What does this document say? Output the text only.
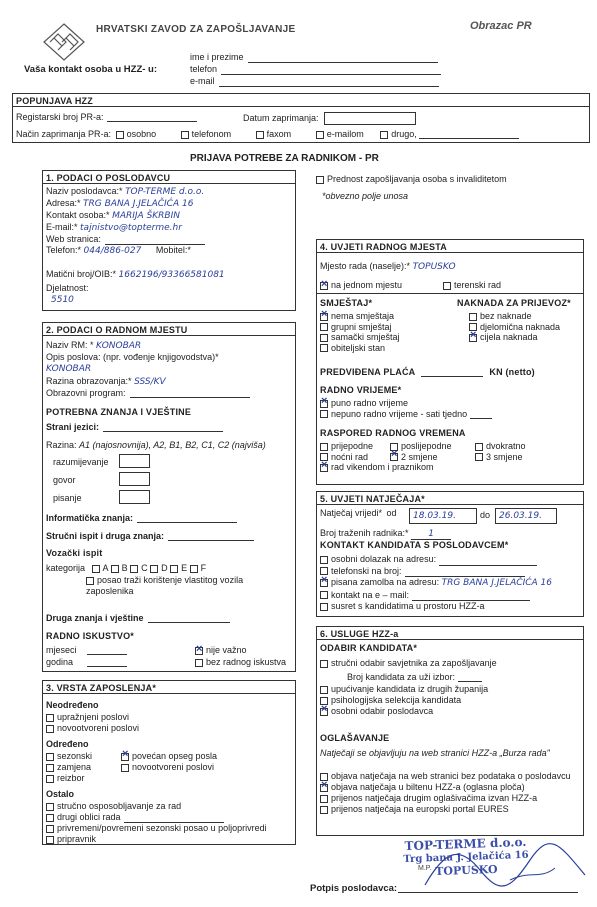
HRVATSKI ZAVOD ZA ZAPOŠLJAVANJE	Obrazac PR
Vaša kontakt osoba u HZZ- u:
ime i prezime
telefon
e-mail
POPUNJAVA HZZ
Registarski broj PR-a:	Datum zaprimanja:
Način zaprimanja PR-a: osobno	telefonom	faxom	e-mailom	drugo,
PRIJAVA POTREBE ZA RADNIKOM - PR
1. PODACI O POSLODAVCU
Naziv poslodavca:* TOP-TERME d.o.o.
Adresa:* TRG BANA J.JELAČIĆA 16
Kontakt osoba:* MARIJA ŠKRBIN
E-mail:* tajnistvo@topterme.hr
Web stranica:
Telefon:* 044/886-027 Mobitel:*
Matični broj/OIB:* 1662196/93366581081
Djelatnost:
5510
Prednost zapošljavanja osoba s invaliditetom
*obvezno polje unosa
4. UVJETI RADNOG MJESTA
Mjesto rada (naselje):* TOPUSKO
×na jednom mjestu	terenski rad
SMJEŠTAJ*	NAKNADA ZA PRIJEVOZ*
×nema smještaja
grupni smještaj
samački smještaj
obiteljski stan
bez naknade
djelomična naknada
×cijela naknada
PREDVIĐENA PLAĆA	KN (netto)
RADNO VRIJEME*
×puno radno vrijeme
nepuno radno vrijeme - sati tjedno
RASPORED RADNOG VREMENA
prijepodne	poslijepodne	dvokratno
noćni rad×	2 smjene	3 smjene
×rad vikendom i praznikom
2. PODACI O RADNOM MJESTU
Naziv RM: * KONOBAR
Opis poslova: (npr. vođenje knjigovodstva)*
KONOBAR
Razina obrazovanja:* SSS/KV
Obrazovni program:
POTREBNA ZNANJA I VJEŠTINE
Strani jezici:
Razina: A1 (najosnovnija), A2, B1, B2, C1, C2 (najviša)
razumijevanje
govor
pisanje
Informatička znanja:
Stručni ispit i druga znanja:
Vozački ispit
kategorija A B C D E F
posao traži korištenje vlastitog vozila zaposlenika
Druga znanja i vještine
RADNO ISKUSTVO*
mjeseci
godina
×nije važno
bez radnog iskustva
5. UVJETI NATJEČAJA*
Natječaj vrijedi* od	18.03.19.	do 26.03.19.
Broj traženih radnika:* 1
KONTAKT KANDIDATA S POSLODAVCEM*
osobni dolazak na adresu:
telefonski na broj:
×pisana zamolba na adresu: TRG BANA J.JELAČIĆA 16
kontakt na e – mail:
susret s kandidatima u prostoru HZZ-a
6. USLUGE HZZ-a
ODABIR KANDIDATA*
stručni odabir savjetnika za zapošljavanje
Broj kandidata za uži izbor:
upućivanje kandidata iz drugih županija
psihologijska selekcija kandidata
×osobni odabir poslodavca
OGLAŠAVANJE
Natječaji se objavljuju na web stranici HZZ-a „Burza rada"
objava natječaja na web stranici bez podataka o poslodavcu
×objava natječaja u biltenu HZZ-a (oglasna ploča)
prijenos natječaja drugim oglašivačima izvan HZZ-a
prijenos natječaja na europski portal EURES
3. VRSTA ZAPOSLENJA*
Neodređeno
upražnjeni poslovi
novootvoreni poslovi
Određeno
sezonski
zamjena
reizbor
×povećan opseg posla
novootvoreni poslovi
Ostalo
stručno osposobljavanje za rad
drugi oblici rada
privremeni/povremeni sezonski posao u poljoprivredi
pripravnik	TOP-TERME d.o.o.
Trg bana J. Jelačića 16
TOPUSKO
M.P.
Potpis poslodavca:
